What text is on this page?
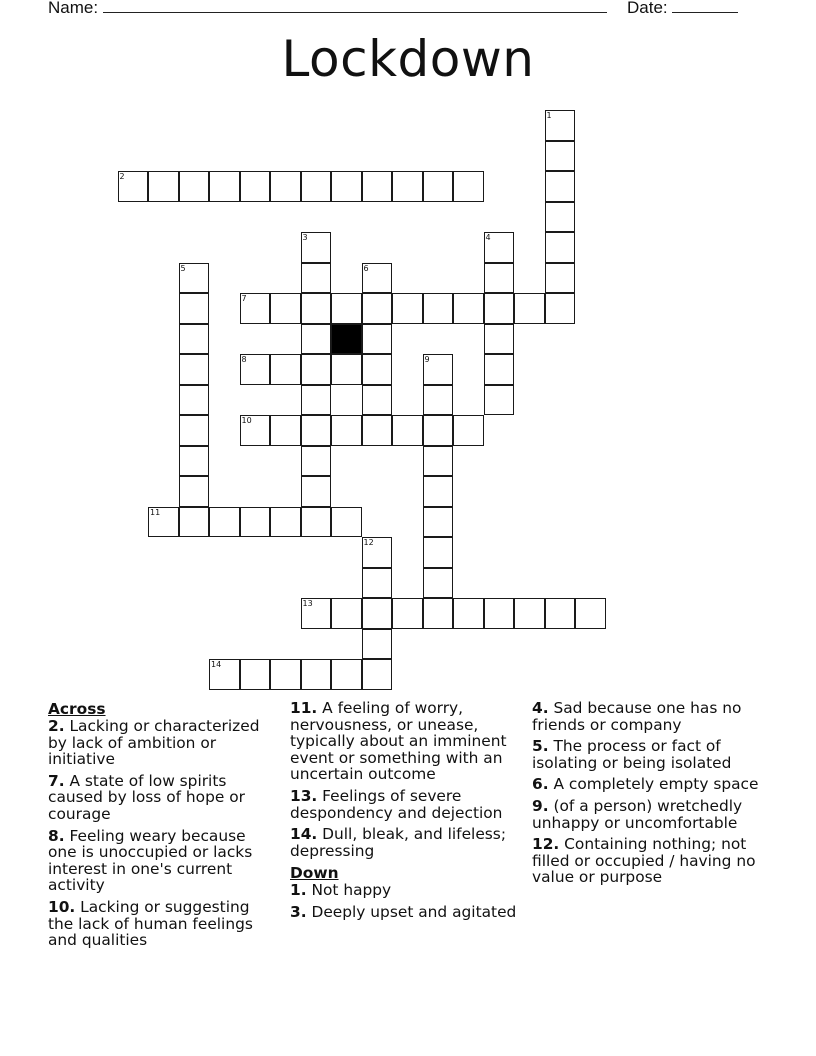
Name:	Date:
Lockdown
2
7
8
10
11
13
14
1
3	4
5	6
9
12
Across

2. Lacking or characterized by lack of ambition or initiative

7. A state of low spirits caused by loss of hope or courage

8. Feeling weary because one is unoccupied or lacks interest in one's current activity

10. Lacking or suggesting the lack of human feelings and qualities

11. A feeling of worry, nervousness, or unease, typically about an imminent event or something with an uncertain outcome

13. Feelings of severe despondency and dejection

14. Dull, bleak, and lifeless; depressing

Down

1. Not happy

3. Deeply upset and agitated

4. Sad because one has no friends or company

5. The process or fact of isolating or being isolated

6. A completely empty space

9. (of a person) wretchedly unhappy or uncomfortable

12. Containing nothing; not filled or occupied / having no value or purpose
